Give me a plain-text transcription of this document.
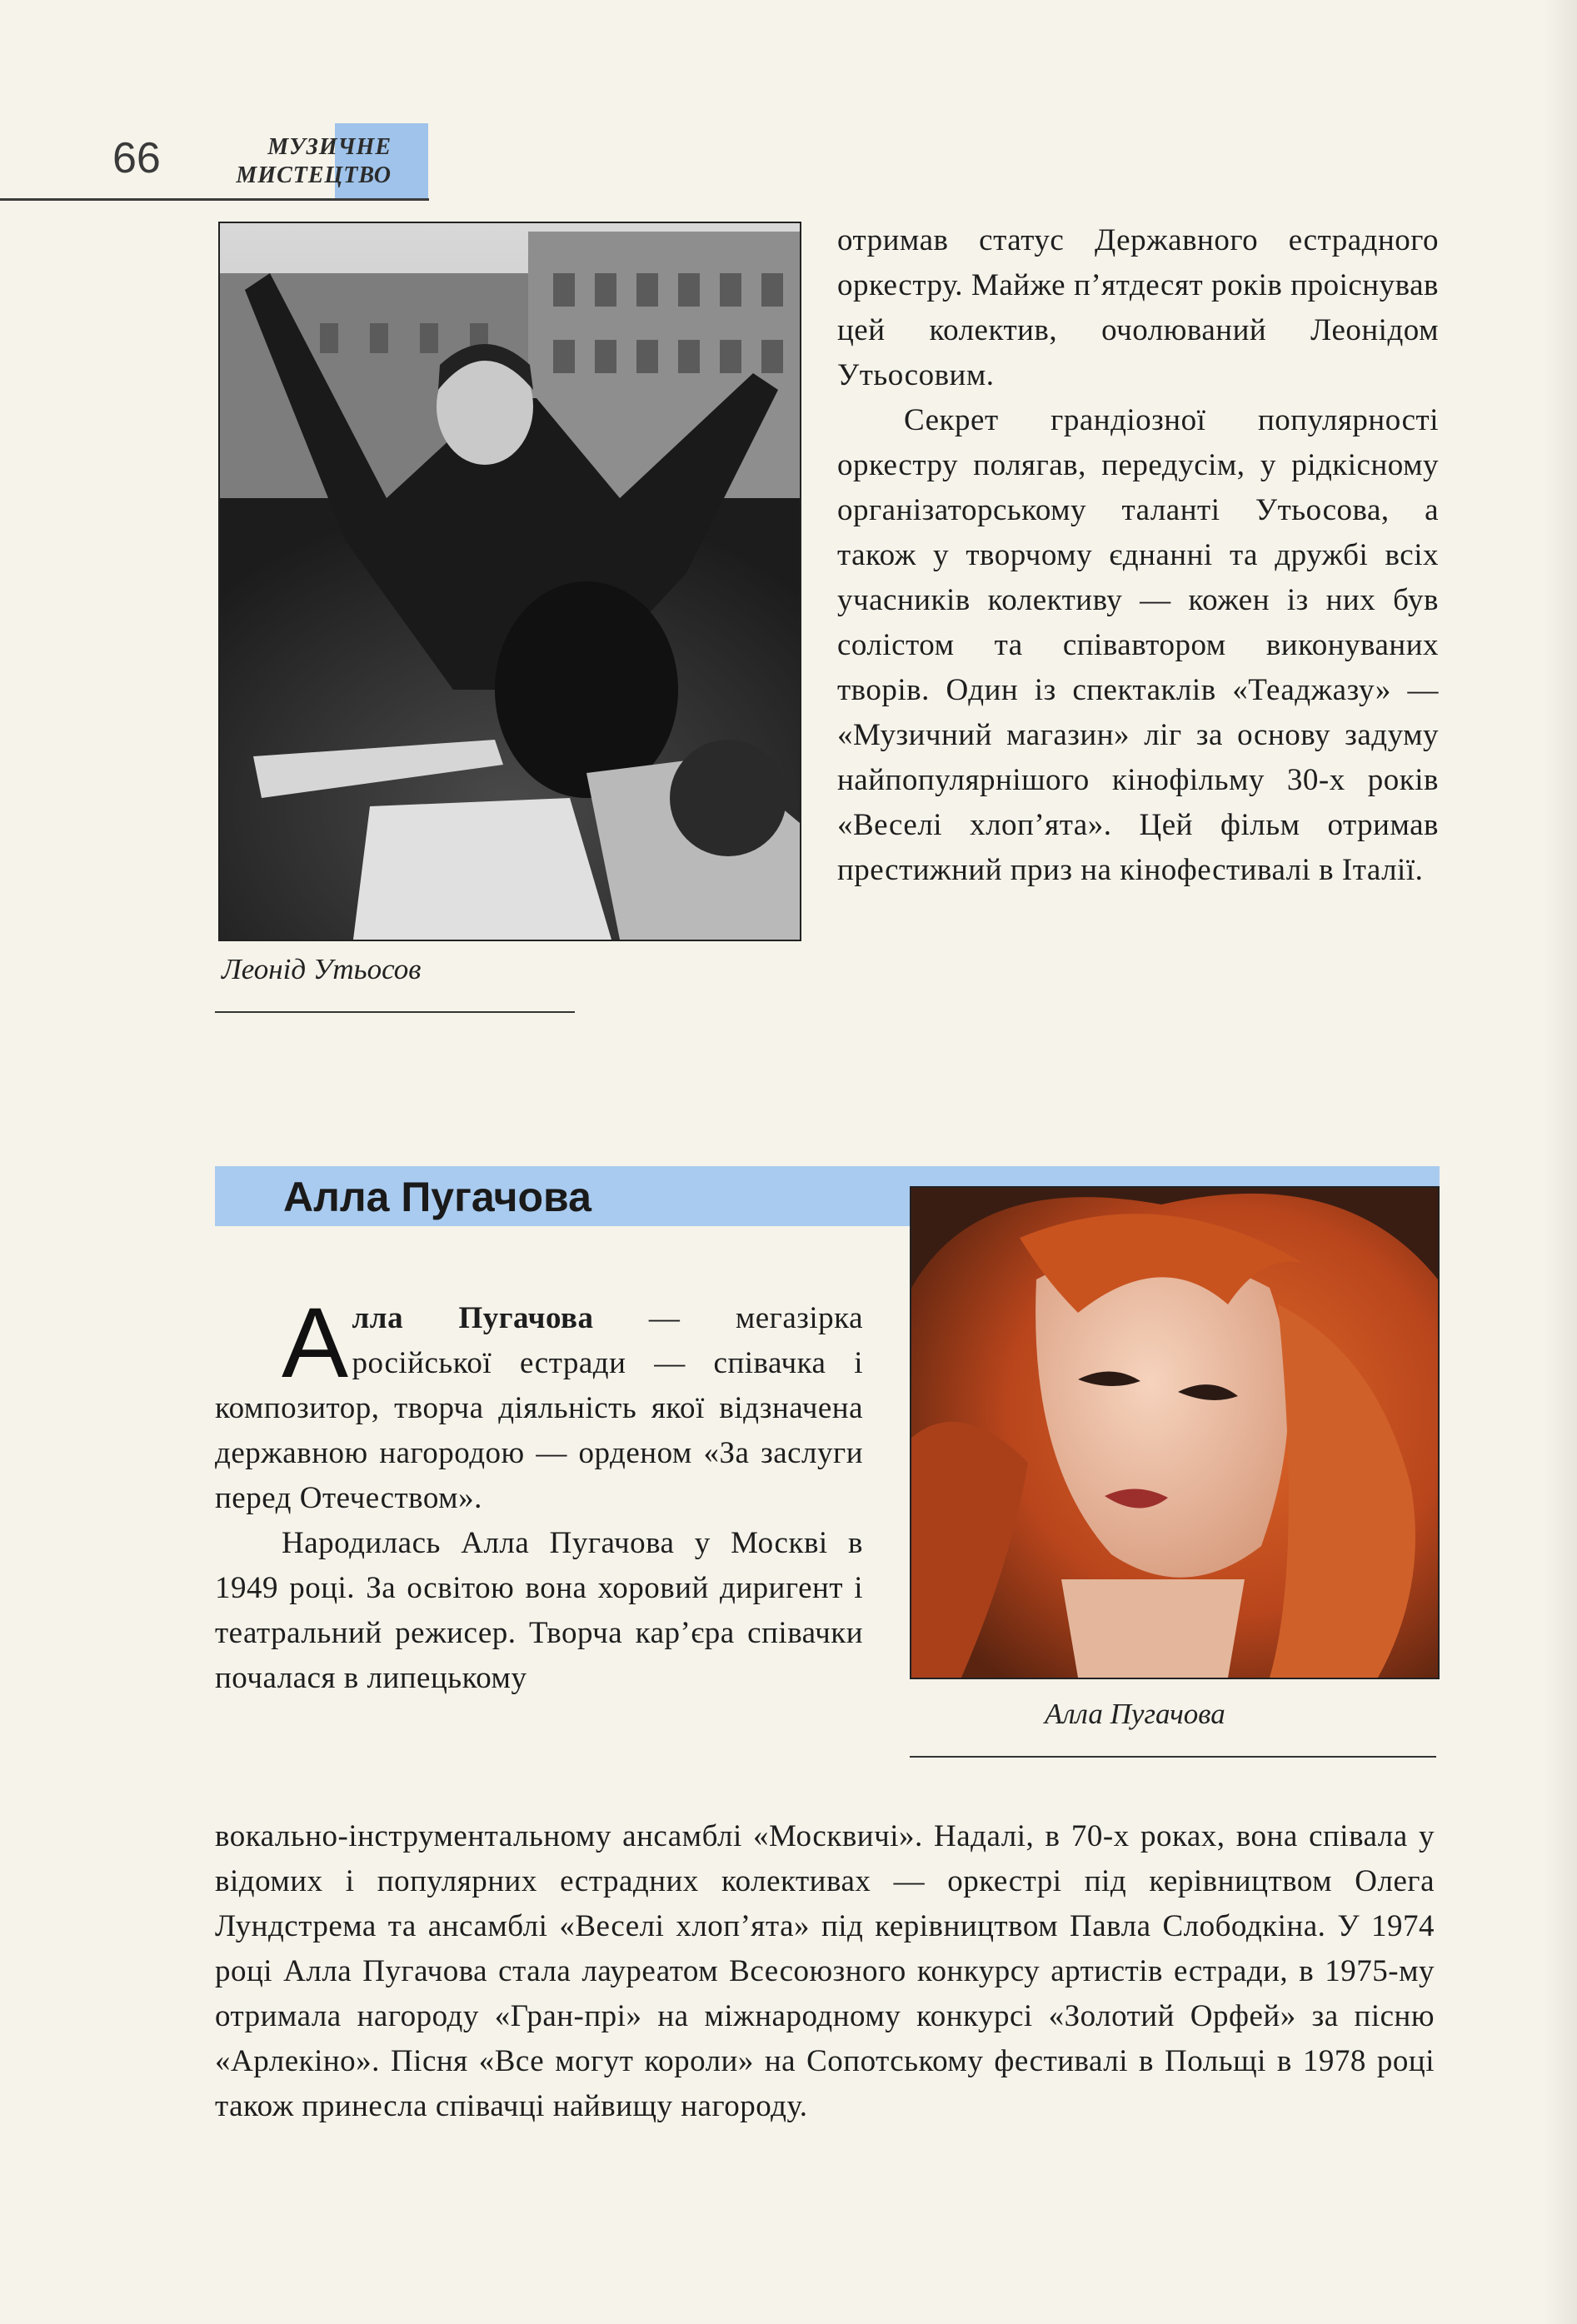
66	МУЗИЧНЕ
МИСТЕЦТВО
Леонід Утьосов

отримав статус Державного естрадного оркестру. Майже п’ятдесят років проіснував цей колектив, очолюваний Леонідом Утьосовим.

Секрет грандіозної популярності оркестру полягав, передусім, у рідкісному організаторському таланті Утьосова, а також у творчому єднанні та дружбі всіх учасників колективу — кожен із них був солістом та співавтором виконуваних творів. Один із спектаклів «Теаджазу» — «Музичний магазин» ліг за основу задуму найпопулярнішого кінофільму 30-х років «Веселі хлоп’ята». Цей фільм отримав престижний приз на кінофестивалі в Італії.

Алла Пугачова
Алла Пугачова

Алла Пугачова — мегазірка російської естради — співачка і композитор, творча діяльність якої відзначена державною нагородою — орденом «За заслуги перед Отечеством».

Народилась Алла Пугачова у Москві в 1949 році. За освітою вона хоровий диригент і театральний режисер. Творча кар’єра співачки почалася в липецькому

вокально-інструментальному ансамблі «Москвичі». Надалі, в 70-х роках, вона співала у відомих і популярних естрадних колективах — оркестрі під керівництвом Олега Лундстрема та ансамблі «Веселі хлоп’ята» під керівництвом Павла Слободкіна. У 1974 році Алла Пугачова стала лауреатом Всесоюзного конкурсу артистів естради, в 1975-му отримала нагороду «Гран-прі» на міжнародному конкурсі «Золотий Орфей» за пісню «Арлекіно». Пісня «Все могут короли» на Сопотському фестивалі в Польщі в 1978 році також принесла співачці найвищу нагороду.
